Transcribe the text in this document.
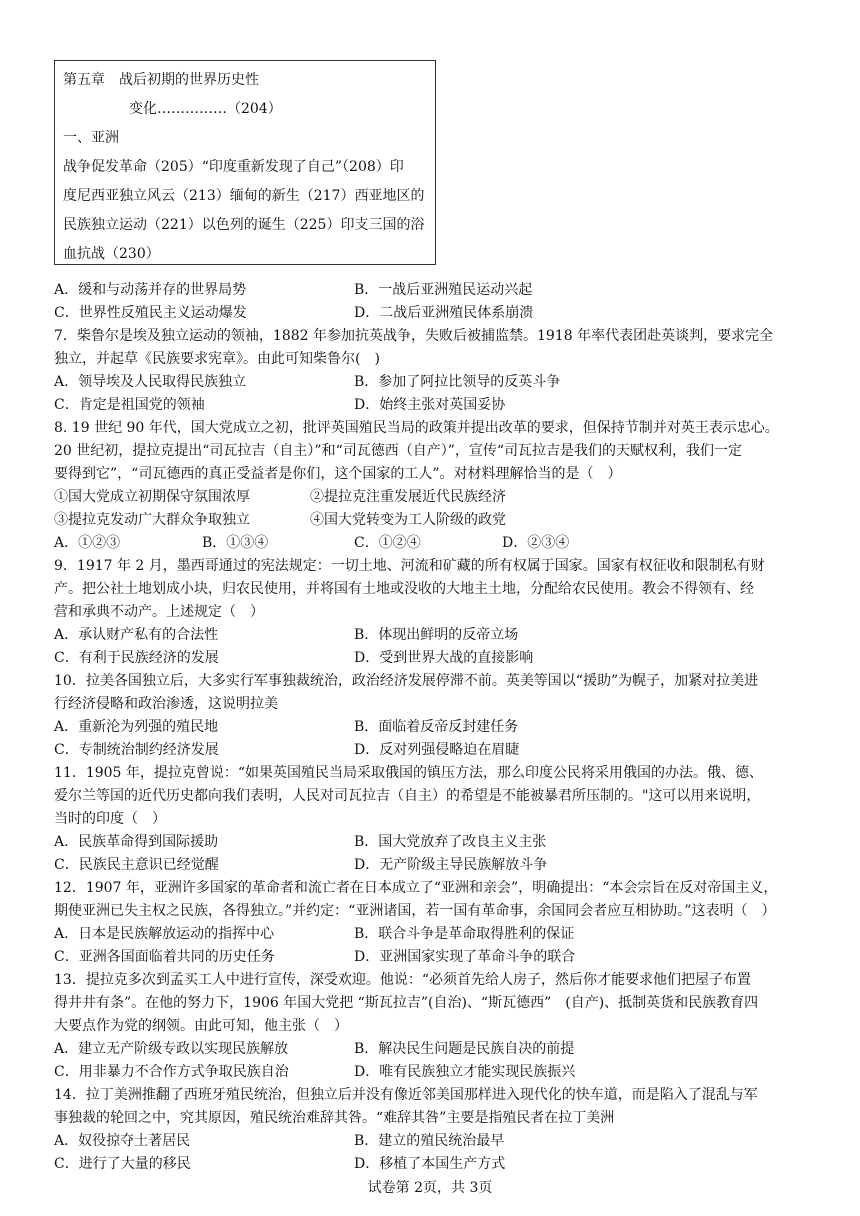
第五章　战后初期的世界历史性
变化……………（204）
一、亚洲
战争促发革命（205）“印度重新发现了自己”（208）印
度尼西亚独立风云（213）缅甸的新生（217）西亚地区的
民族独立运动（221）以色列的诞生（225）印支三国的浴
血抗战（230）
A．缓和与动荡并存的世界局势	B．一战后亚洲殖民运动兴起
C．世界性反殖民主义运动爆发	D．二战后亚洲殖民体系崩溃
7．柴鲁尔是埃及独立运动的领袖，1882 年参加抗英战争，失败后被捕监禁。1918 年率代表团赴英谈判，要求完全
独立，并起草《民族要求宪章》。由此可知柴鲁尔(　)
A．领导埃及人民取得民族独立	B．参加了阿拉比领导的反英斗争
C．肯定是祖国党的领袖	D．始终主张对英国妥协
8. 19 世纪 90 年代，国大党成立之初，批评英国殖民当局的政策并提出改革的要求，但保持节制并对英王表示忠心。
20 世纪初，提拉克提出“司瓦拉吉（自主）”和“司瓦德西（自产）”，宣传“司瓦拉吉是我们的天赋权利，我们一定
要得到它”，“司瓦德西的真正受益者是你们，这个国家的工人”。对材料理解恰当的是（　）
①国大党成立初期保守氛围浓厚	②提拉克注重发展近代民族经济
③提拉克发动广大群众争取独立	④国大党转变为工人阶级的政党
A．①②③	B．①③④	C．①②④	D．②③④
9．1917 年 2 月，墨西哥通过的宪法规定：一切土地、河流和矿藏的所有权属于国家。国家有权征收和限制私有财
产。把公社土地划成小块，归农民使用，并将国有土地或没收的大地主土地，分配给农民使用。教会不得领有、经
营和承典不动产。上述规定（　）
A．承认财产私有的合法性	B．体现出鲜明的反帝立场
C．有利于民族经济的发展	D．受到世界大战的直接影响
10．拉美各国独立后，大多实行军事独裁统治，政治经济发展停滞不前。英美等国以“援助”为幌子，加紧对拉美进
行经济侵略和政治渗透，这说明拉美
A．重新沦为列强的殖民地	B．面临着反帝反封建任务
C．专制统治制约经济发展	D．反对列强侵略迫在眉睫
11．1905 年，提拉克曾说：“如果英国殖民当局采取俄国的镇压方法，那么印度公民将采用俄国的办法。俄、德、
爱尔兰等国的近代历史都向我们表明，人民对司瓦拉吉（自主）的希望是不能被暴君所压制的。"这可以用来说明，
当时的印度（　）
A．民族革命得到国际援助	B．国大党放弃了改良主义主张
C．民族民主意识已经觉醒	D．无产阶级主导民族解放斗争
12．1907 年，亚洲许多国家的革命者和流亡者在日本成立了“亚洲和亲会”，明确提出：“本会宗旨在反对帝国主义，
期使亚洲已失主权之民族，各得独立。”并约定：“亚洲诸国，若一国有革命事，余国同会者应互相协助。”这表明（　）
A．日本是民族解放运动的指挥中心	B．联合斗争是革命取得胜利的保证
C．亚洲各国面临着共同的历史任务	D．亚洲国家实现了革命斗争的联合
13．提拉克多次到孟买工人中进行宣传，深受欢迎。他说：“必须首先给人房子，然后你才能要求他们把屋子布置
得井井有条”。在他的努力下，1906 年国大党把 “斯瓦拉吉”(自治)、“斯瓦德西”　(自产)、抵制英货和民族教育四
大要点作为党的纲领。由此可知，他主张（　）
A．建立无产阶级专政以实现民族解放	B．解决民生问题是民族自决的前提
C．用非暴力不合作方式争取民族自治	D．唯有民族独立才能实现民族振兴
14．拉丁美洲推翻了西班牙殖民统治，但独立后并没有像近邻美国那样进入现代化的快车道，而是陷入了混乱与军
事独裁的轮回之中，究其原因，殖民统治难辞其咎。“难辞其咎”主要是指殖民者在拉丁美洲
A．奴役掠夺土著居民	B．建立的殖民统治最早
C．进行了大量的移民	D．移植了本国生产方式
试卷第 2页，共 3页
